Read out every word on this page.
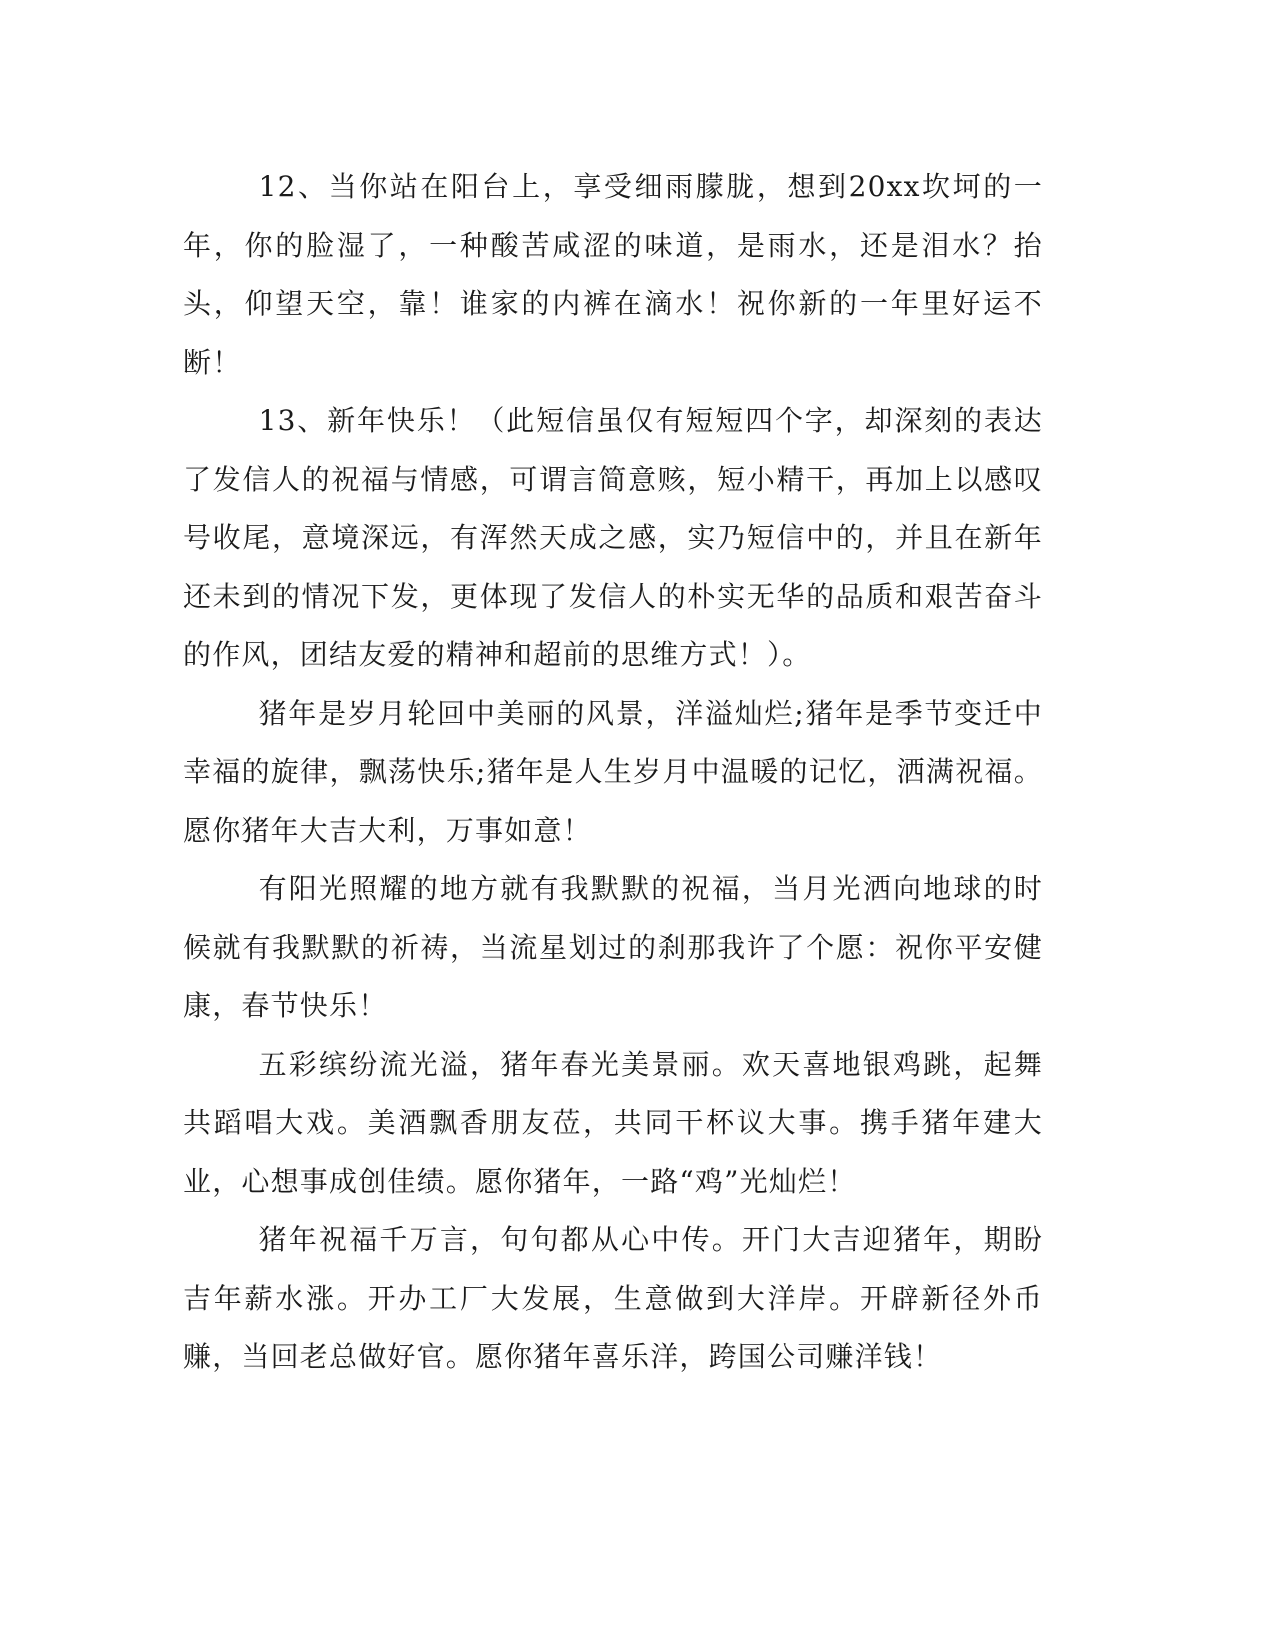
12、当你站在阳台上，享受细雨朦胧，想到20xx坎坷的一年，你的脸湿了，一种酸苦咸涩的味道，是雨水，还是泪水？抬头，仰望天空，靠！谁家的内裤在滴水！祝你新的一年里好运不断！

13、新年快乐！（此短信虽仅有短短四个字，却深刻的表达了发信人的祝福与情感，可谓言简意赅，短小精干，再加上以感叹号收尾，意境深远，有浑然天成之感，实乃短信中的，并且在新年还未到的情况下发，更体现了发信人的朴实无华的品质和艰苦奋斗的作风，团结友爱的精神和超前的思维方式！）。

猪年是岁月轮回中美丽的风景，洋溢灿烂;猪年是季节变迁中幸福的旋律，飘荡快乐;猪年是人生岁月中温暖的记忆，洒满祝福。愿你猪年大吉大利，万事如意！

有阳光照耀的地方就有我默默的祝福，当月光洒向地球的时候就有我默默的祈祷，当流星划过的刹那我许了个愿：祝你平安健康，春节快乐！

五彩缤纷流光溢，猪年春光美景丽。欢天喜地银鸡跳，起舞共蹈唱大戏。美酒飘香朋友莅，共同干杯议大事。携手猪年建大业，心想事成创佳绩。愿你猪年，一路“鸡”光灿烂！

猪年祝福千万言，句句都从心中传。开门大吉迎猪年，期盼吉年薪水涨。开办工厂大发展，生意做到大洋岸。开辟新径外币赚，当回老总做好官。愿你猪年喜乐洋，跨国公司赚洋钱！
